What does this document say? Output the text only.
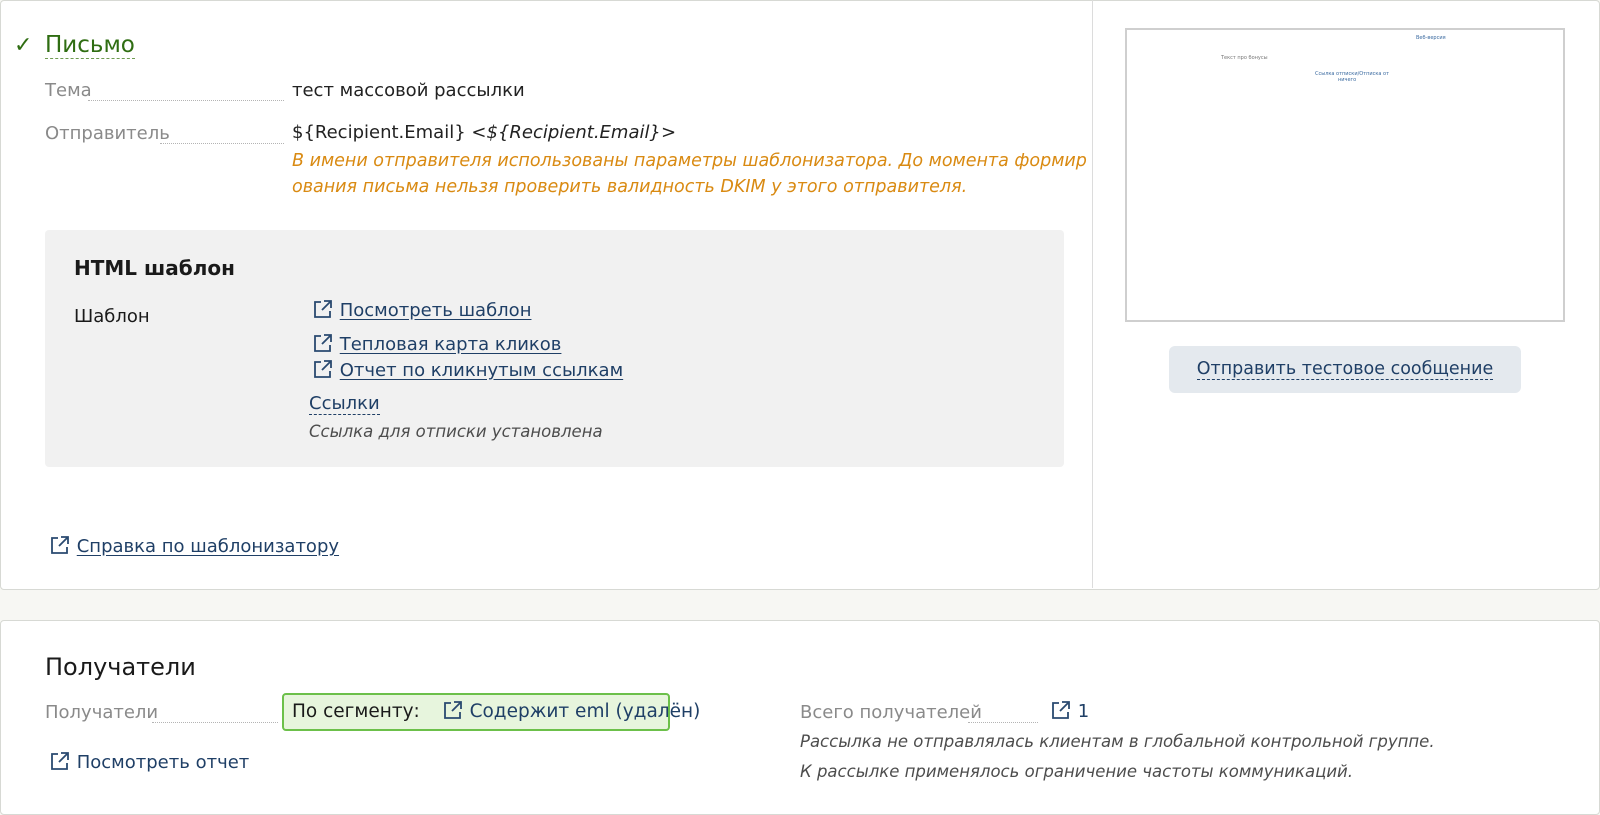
✓ Письмо
Тема	тест массовой рассылки
Отправитель	${Recipient.Email} <${Recipient.Email}>
В имени отправителя использованы параметры шаблонизатора. До момента формир
ования письма нельзя проверить валидность DKIM у этого отправителя.
HTML шаблон
Шаблон	Посмотреть шаблон
Тепловая карта кликов
Отчет по кликнутым ссылкам
Ссылки
Ссылка для отписки установлена
Справка по шаблонизатору
Веб-версия
Текст про бонусы
Ссылка отписки/Отписка от
ничего
Отправить тестовое сообщение
Получатели
Получатели	По сегменту:	Содержит eml (удалён)
Посмотреть отчет
Всего получателей	1
Рассылка не отправлялась клиентам в глобальной контрольной группе.
К рассылке применялось ограничение частоты коммуникаций.
